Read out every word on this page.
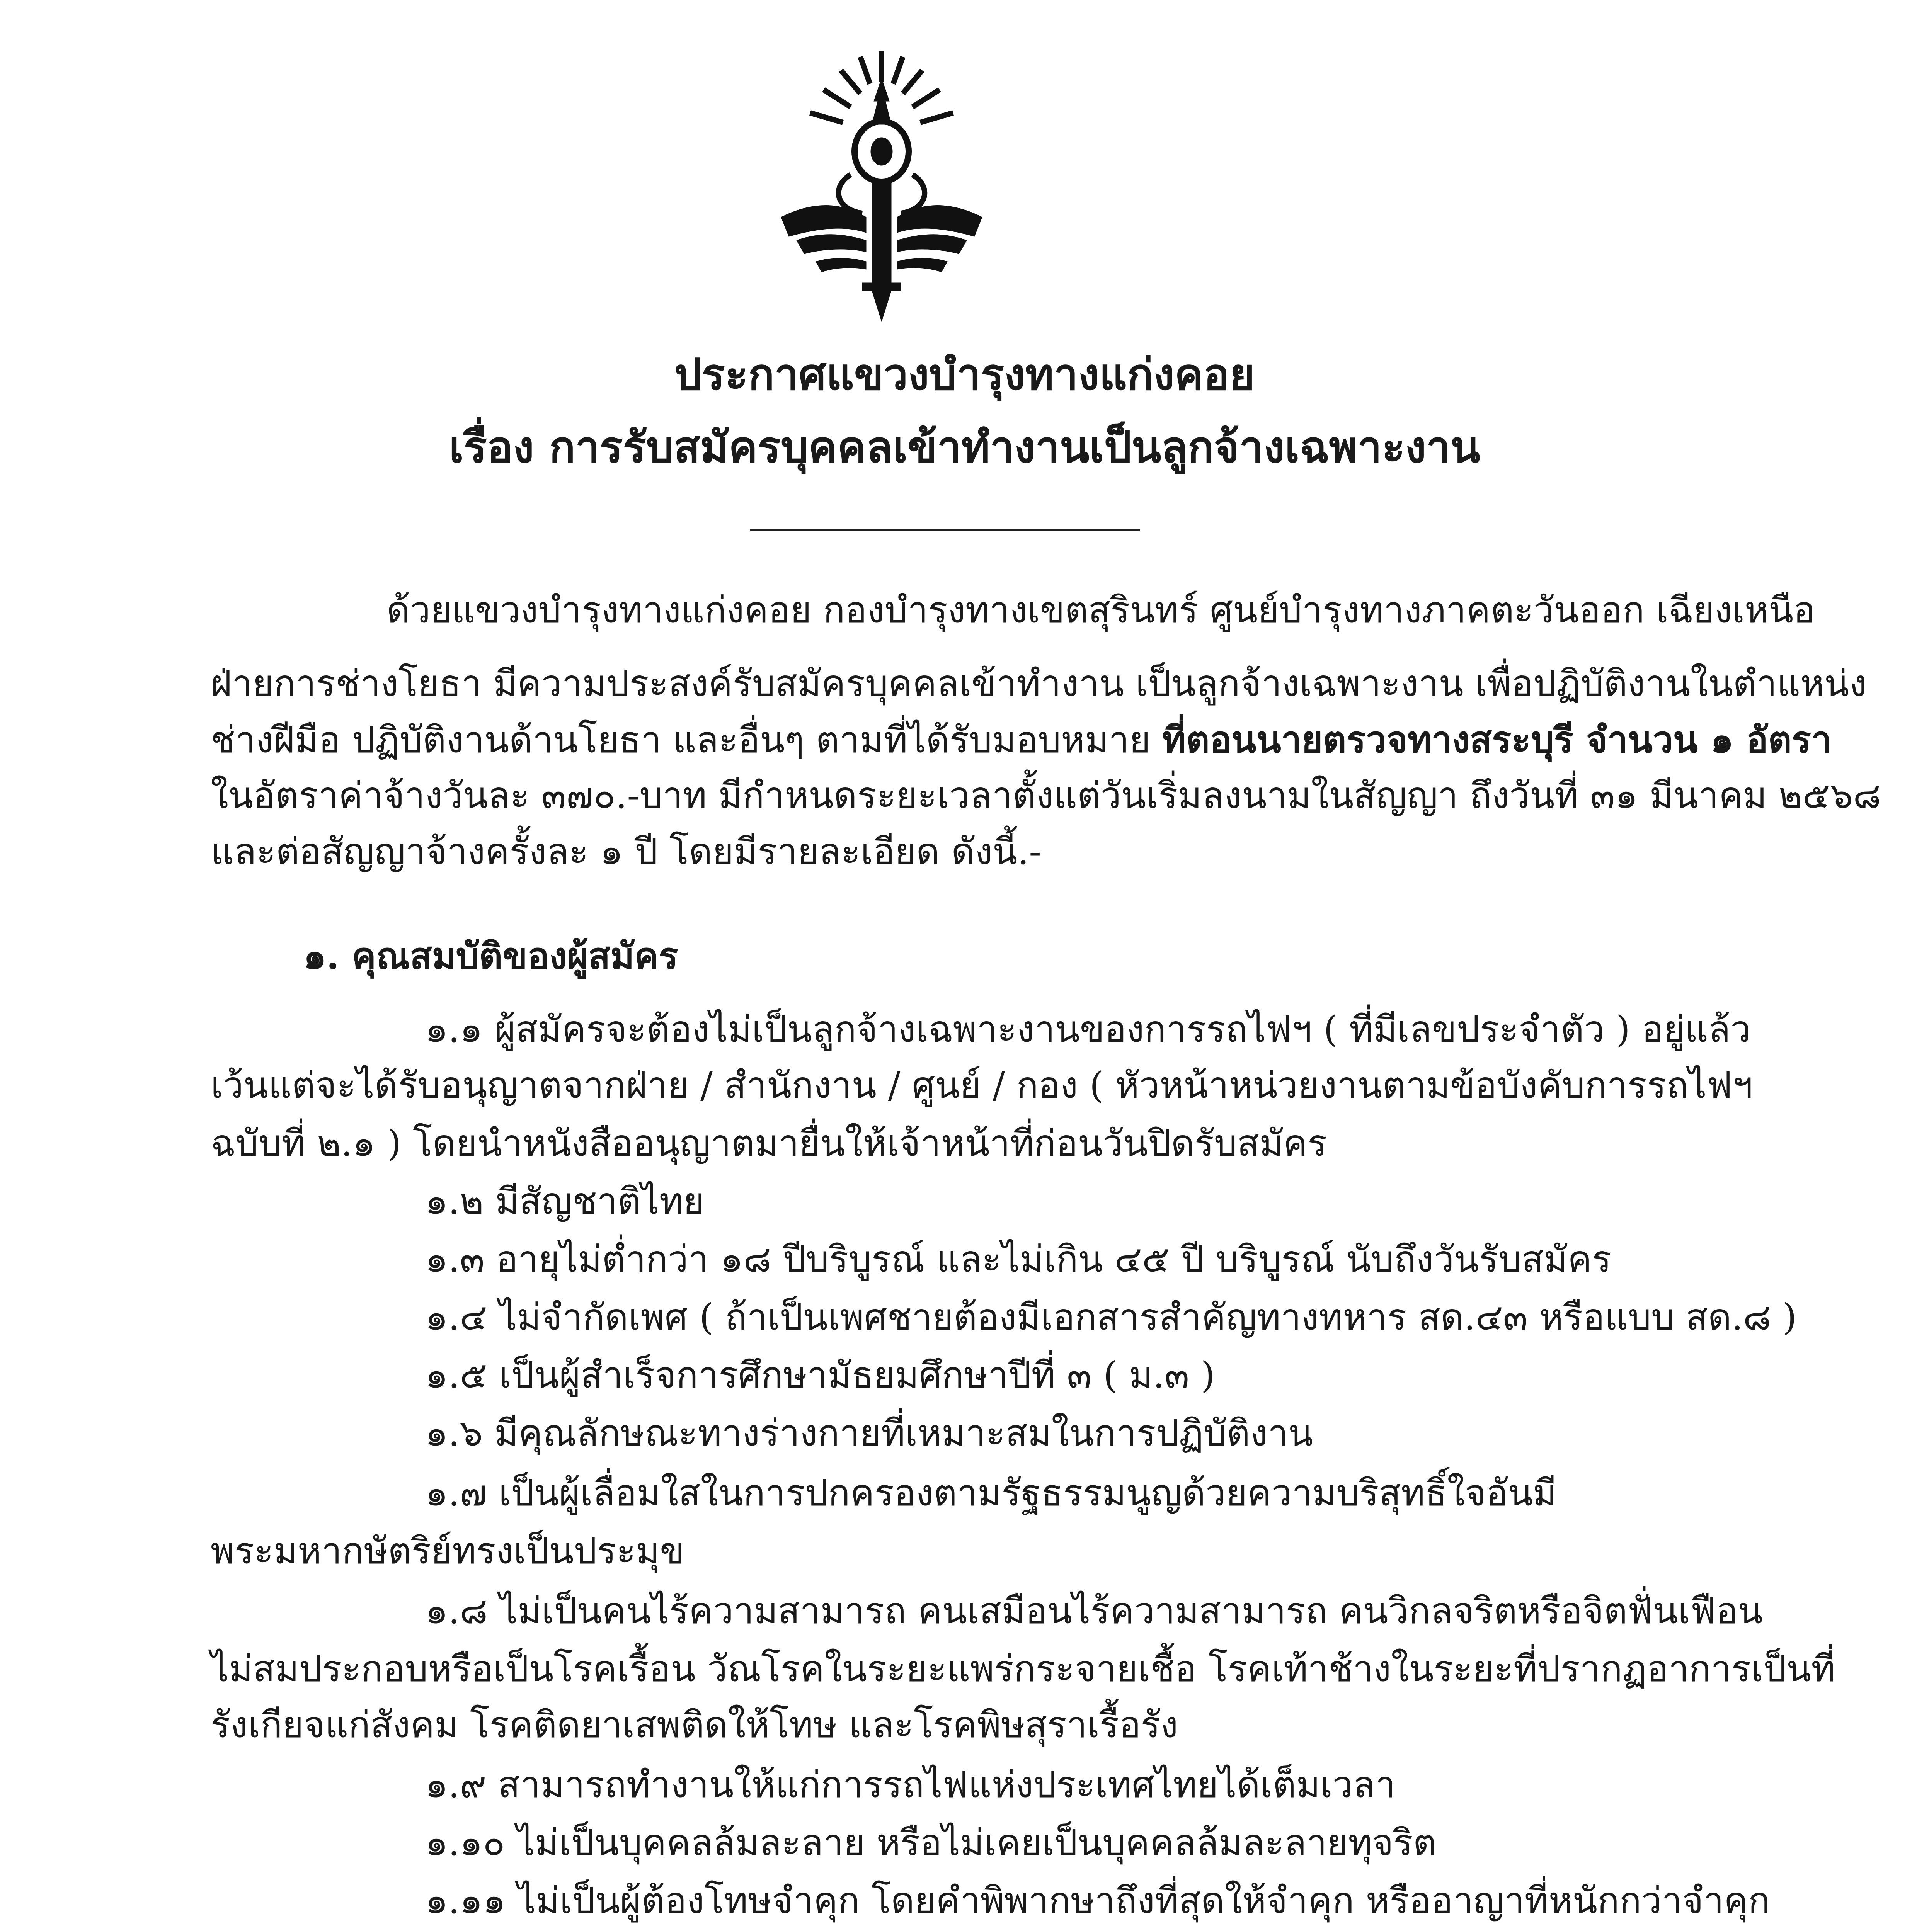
ประกาศแขวงบำรุงทางแก่งคอย
เรื่อง การรับสมัครบุคคลเข้าทำงานเป็นลูกจ้างเฉพาะงาน
ด้วยแขวงบำรุงทางแก่งคอย กองบำรุงทางเขตสุรินทร์ ศูนย์บำรุงทางภาคตะวันออก เฉียงเหนือ
ฝ่ายการช่างโยธา มีความประสงค์รับสมัครบุคคลเข้าทำงาน เป็นลูกจ้างเฉพาะงาน เพื่อปฏิบัติงานในตำแหน่ง
ช่างฝีมือ ปฏิบัติงานด้านโยธา และอื่นๆ ตามที่ได้รับมอบหมาย ที่ตอนนายตรวจทางสระบุรี จำนวน ๑ อัตรา
ในอัตราค่าจ้างวันละ ๓๗๐.-บาท มีกำหนดระยะเวลาตั้งแต่วันเริ่มลงนามในสัญญา ถึงวันที่ ๓๑ มีนาคม ๒๕๖๘
และต่อสัญญาจ้างครั้งละ ๑ ปี โดยมีรายละเอียด ดังนี้.-
๑. คุณสมบัติของผู้สมัคร
๑.๑ ผู้สมัครจะต้องไม่เป็นลูกจ้างเฉพาะงานของการรถไฟฯ ( ที่มีเลขประจำตัว ) อยู่แล้ว
เว้นแต่จะได้รับอนุญาตจากฝ่าย / สำนักงาน / ศูนย์ / กอง ( หัวหน้าหน่วยงานตามข้อบังคับการรถไฟฯ
ฉบับที่ ๒.๑ ) โดยนำหนังสืออนุญาตมายื่นให้เจ้าหน้าที่ก่อนวันปิดรับสมัคร
๑.๒ มีสัญชาติไทย
๑.๓ อายุไม่ต่ำกว่า ๑๘ ปีบริบูรณ์ และไม่เกิน ๔๕ ปี บริบูรณ์ นับถึงวันรับสมัคร
๑.๔ ไม่จำกัดเพศ ( ถ้าเป็นเพศชายต้องมีเอกสารสำคัญทางทหาร สด.๔๓ หรือแบบ สด.๘ )
๑.๕ เป็นผู้สำเร็จการศึกษามัธยมศึกษาปีที่ ๓ ( ม.๓ )
๑.๖ มีคุณลักษณะทางร่างกายที่เหมาะสมในการปฏิบัติงาน
๑.๗ เป็นผู้เลื่อมใสในการปกครองตามรัฐธรรมนูญด้วยความบริสุทธิ์ใจอันมี
พระมหากษัตริย์ทรงเป็นประมุข
๑.๘ ไม่เป็นคนไร้ความสามารถ คนเสมือนไร้ความสามารถ คนวิกลจริตหรือจิตฟั่นเฟือน
ไม่สมประกอบหรือเป็นโรคเรื้อน วัณโรคในระยะแพร่กระจายเชื้อ โรคเท้าช้างในระยะที่ปรากฏอาการเป็นที่
รังเกียจแก่สังคม โรคติดยาเสพติดให้โทษ และโรคพิษสุราเรื้อรัง
๑.๙ สามารถทำงานให้แก่การรถไฟแห่งประเทศไทยได้เต็มเวลา
๑.๑๐ ไม่เป็นบุคคลล้มละลาย หรือไม่เคยเป็นบุคคลล้มละลายทุจริต
๑.๑๑ ไม่เป็นผู้ต้องโทษจำคุก โดยคำพิพากษาถึงที่สุดให้จำคุก หรืออาญาที่หนักกว่าจำคุก
